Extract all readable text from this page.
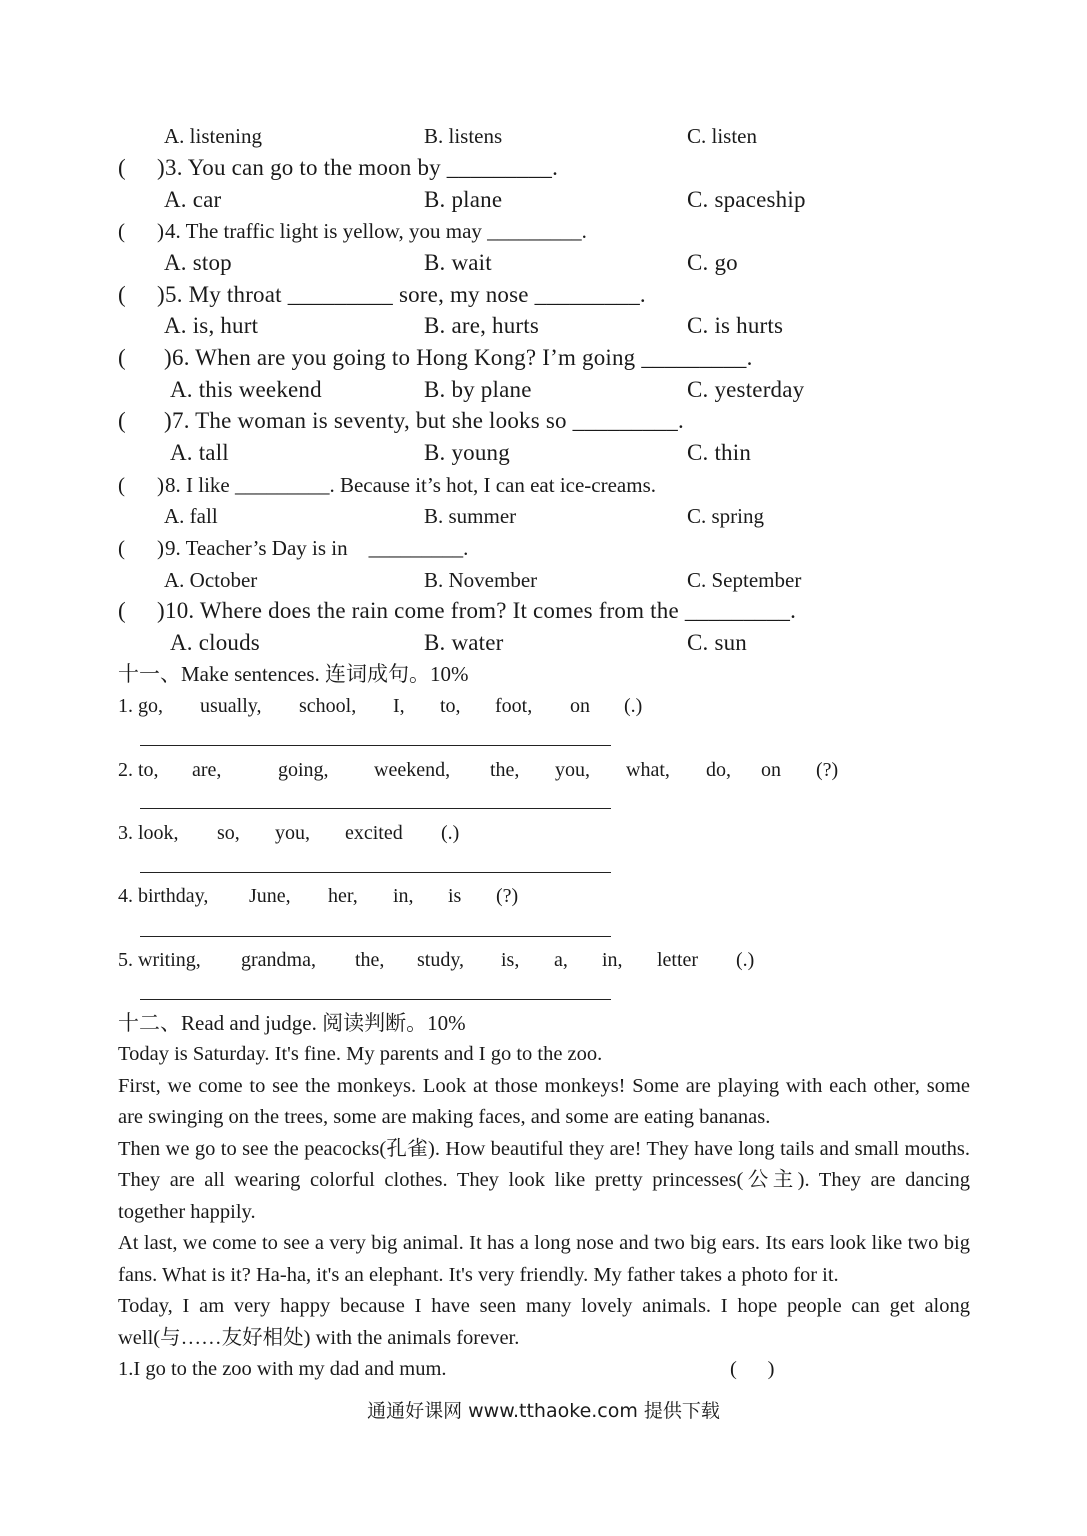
A. listening	B. listens	C. listen
( ) 3. You can go to the moon by _________.
A. car	B. plane	C. spaceship
( ) 4. The traffic light is yellow, you may _________.
A. stop	B. wait	C. go
( ) 5. My throat _________ sore, my nose _________.
A. is, hurt	B. are, hurts	C. is hurts
( ) 6. When are you going to Hong Kong? I’m going _________.
A. this weekend	B. by plane	C. yesterday
( ) 7. The woman is seventy, but she looks so _________.
A. tall	B. young	C. thin
( ) 8. I like _________. Because it’s hot, I can eat ice-creams.
A. fall	B. summer	C. spring
( ) 9. Teacher’s Day is in    _________.
A. October	B. November	C. September
( ) 10. Where does the rain come from? It comes from the _________.
A. clouds	B. water	C. sun
十一、Make sentences. 连词成句。10%
1. go, usually, school, I, to, foot, on (.)
2. to, are,	going, weekend, the, you, what, do, on (?)
3. look, so, you, excited (.)
4. birthday, June, her, in, is (?)
5. writing, grandma, the, study, is, a, in, letter (.)
十二、Read and judge. 阅读判断。10%
Today is Saturday. It's fine. My parents and I go to the zoo.
First, we come to see the monkeys. Look at those monkeys! Some are playing with each other, some are swinging on the trees, some are making faces, and some are eating bananas.
Then we go to see the peacocks(孔雀). How beautiful they are! They have long tails and small mouths. They are all wearing colorful clothes. They look like pretty princesses(公主). They are dancing together happily.
At last, we come to see a very big animal. It has a long nose and two big ears. Its ears look like two big fans. What is it? Ha-ha, it's an elephant. It's very friendly. My father takes a photo for it.
Today, I am very happy because I have seen many lovely animals. I hope people can get along well(与……友好相处) with the animals forever.
1.I go to the zoo with my dad and mum.	(      )
通通好课网 www.tthaoke.com 提供下载
